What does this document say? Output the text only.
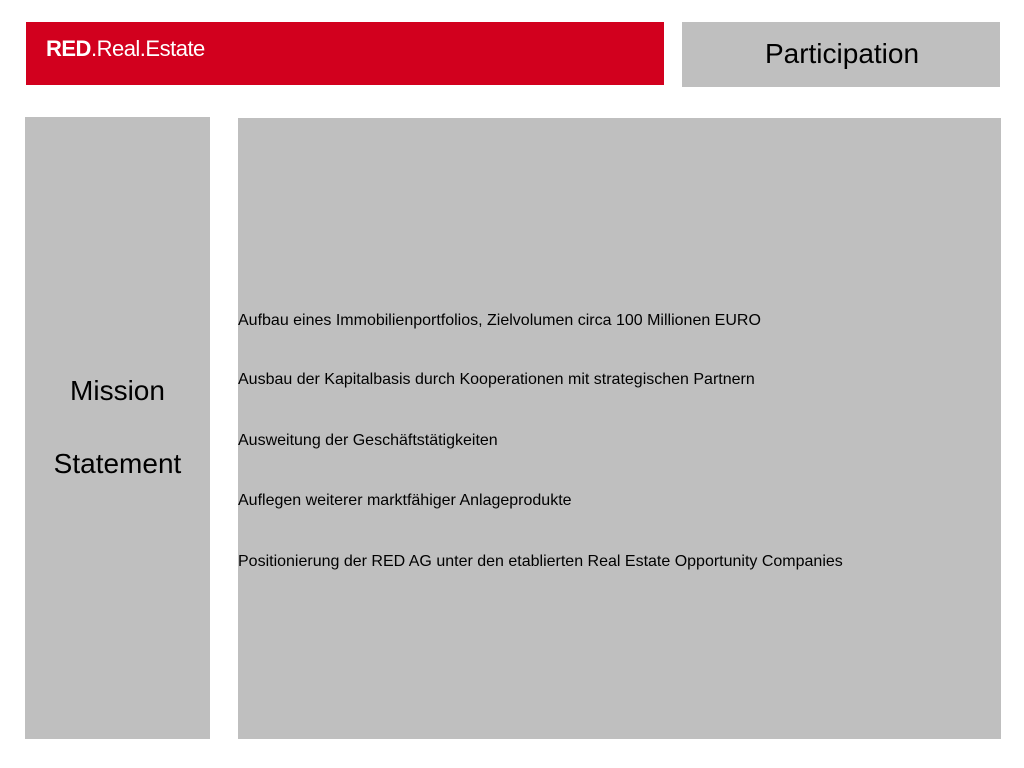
RED.Real.Estate	Participation
Mission
Statement
Aufbau eines Immobilienportfolios, Zielvolumen circa 100 Millionen EURO
Ausbau der Kapitalbasis durch Kooperationen mit strategischen Partnern
Ausweitung der Geschäftstätigkeiten
Auflegen weiterer marktfähiger Anlageprodukte
Positionierung der RED AG unter den etablierten Real Estate Opportunity Companies
